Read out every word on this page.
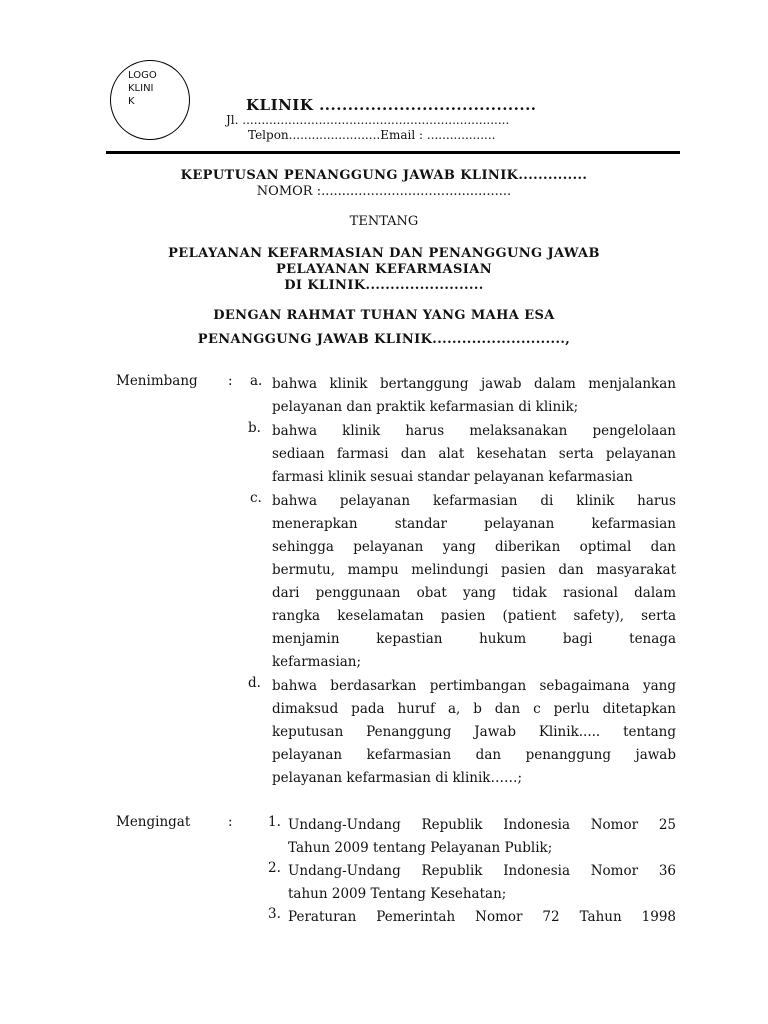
LOGO
KLINI
K	KLINIK ......................................
Jl. ......................................................................
Telpon........................Email : ..................
KEPUTUSAN PENANGGUNG JAWAB KLINIK..............
NOMOR :..............................................
TENTANG
PELAYANAN KEFARMASIAN DAN PENANGGUNG JAWAB
PELAYANAN KEFARMASIAN
DI KLINIK........................
DENGAN RAHMAT TUHAN YANG MAHA ESA
PENANGGUNG JAWAB KLINIK...........................,
Menimbang : a. bahwa klinik bertanggung jawab dalam menjalankan
pelayanan dan praktik kefarmasian di klinik;
b. bahwa klinik harus melaksanakan pengelolaan
sediaan farmasi dan alat kesehatan serta pelayanan
farmasi klinik sesuai standar pelayanan kefarmasian
c. bahwa pelayanan kefarmasian di klinik harus
menerapkan standar pelayanan kefarmasian
sehingga pelayanan yang diberikan optimal dan
bermutu, mampu melindungi pasien dan masyarakat
dari penggunaan obat yang tidak rasional dalam
rangka keselamatan pasien (patient safety), serta
menjamin kepastian hukum bagi tenaga
kefarmasian;
d. bahwa berdasarkan pertimbangan sebagaimana yang
dimaksud pada huruf a, b dan c perlu ditetapkan
keputusan Penanggung Jawab Klinik..... tentang
pelayanan kefarmasian dan penanggung jawab
pelayanan kefarmasian di klinik……;
Mengingat	:	1. Undang-Undang Republik Indonesia Nomor 25
Tahun 2009 tentang Pelayanan Publik;
2. Undang-Undang Republik Indonesia Nomor 36
tahun 2009 Tentang Kesehatan;
3. Peraturan Pemerintah Nomor 72 Tahun 1998
